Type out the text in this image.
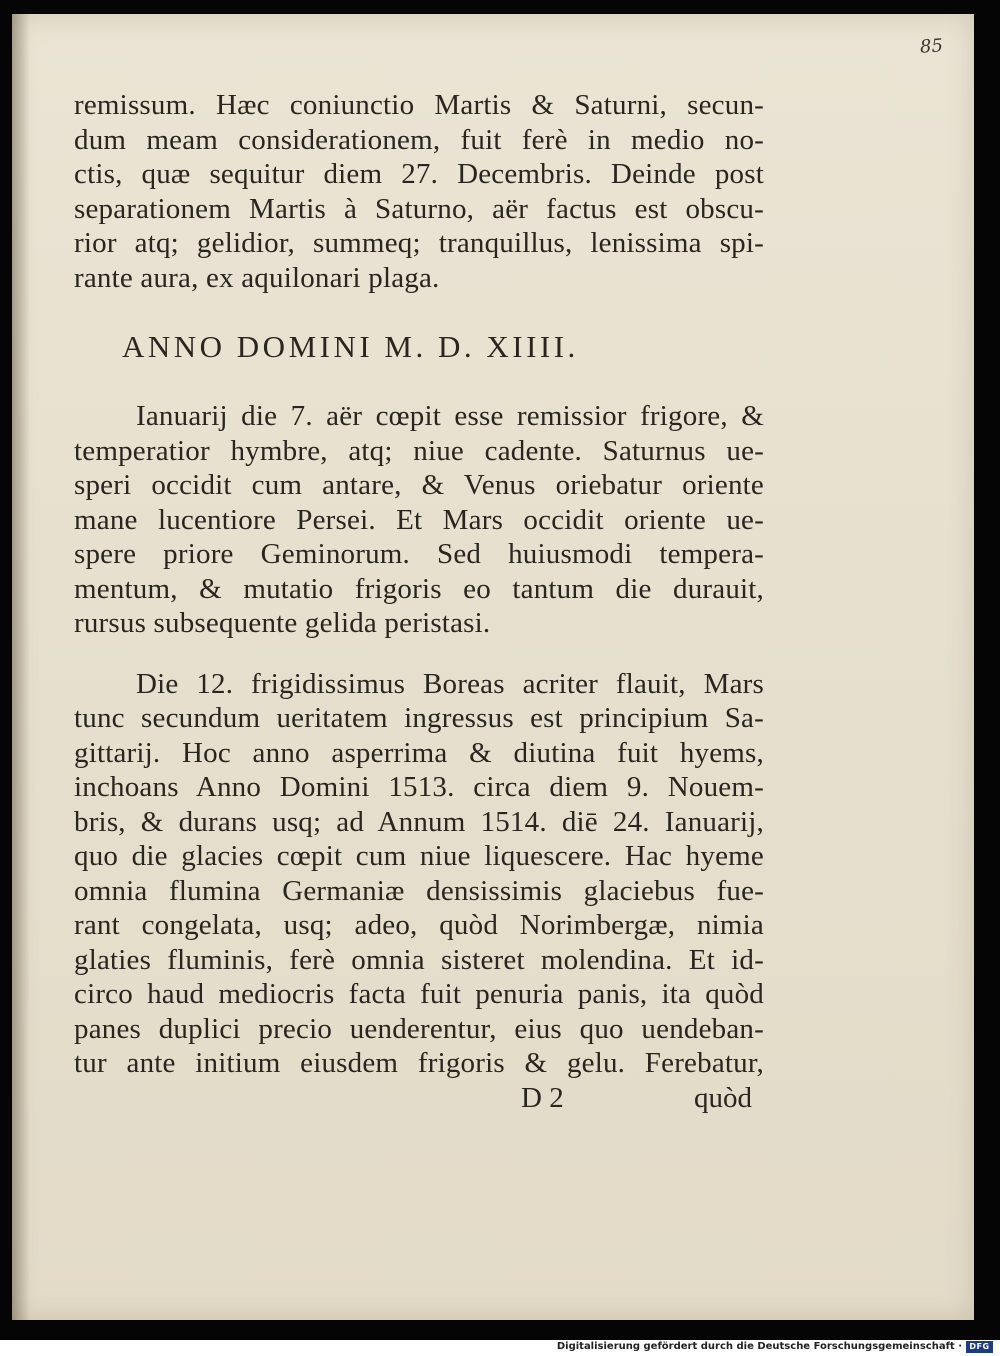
85
remissum. Hæc coniunctio Martis & Saturni, secun-
dum meam considerationem, fuit ferè in medio no-
ctis, quæ sequitur diem 27. Decembris. Deinde post
separationem Martis à Saturno, aër factus est obscu-
rior atq; gelidior, summeq; tranquillus, lenissima spi-
rante aura, ex aquilonari plaga.
ANNO DOMINI M. D. XIIII.
Ianuarij die 7. aër cœpit esse remissior frigore, &
temperatior hymbre, atq; niue cadente. Saturnus ue-
speri occidit cum antare, & Venus oriebatur oriente
mane lucentiore Persei. Et Mars occidit oriente ue-
spere priore Geminorum. Sed huiusmodi tempera-
mentum, & mutatio frigoris eo tantum die durauit,
rursus subsequente gelida peristasi.
Die 12. frigidissimus Boreas acriter flauit, Mars
tunc secundum ueritatem ingressus est principium Sa-
gittarij. Hoc anno asperrima & diutina fuit hyems,
inchoans Anno Domini 1513. circa diem 9. Nouem-
bris, & durans usq; ad Annum 1514. diē 24. Ianuarij,
quo die glacies cœpit cum niue liquescere. Hac hyeme
omnia flumina Germaniæ densissimis glaciebus fue-
rant congelata, usq; adeo, quòd Norimbergæ, nimia
glaties fluminis, ferè omnia sisteret molendina. Et id-
circo haud mediocris facta fuit penuria panis, ita quòd
panes duplici precio uenderentur, eius quo uendeban-
tur ante initium eiusdem frigoris & gelu. Ferebatur,
D 2	quòd
Digitalisierung gefördert durch die Deutsche Forschungsgemeinschaft · DFG
